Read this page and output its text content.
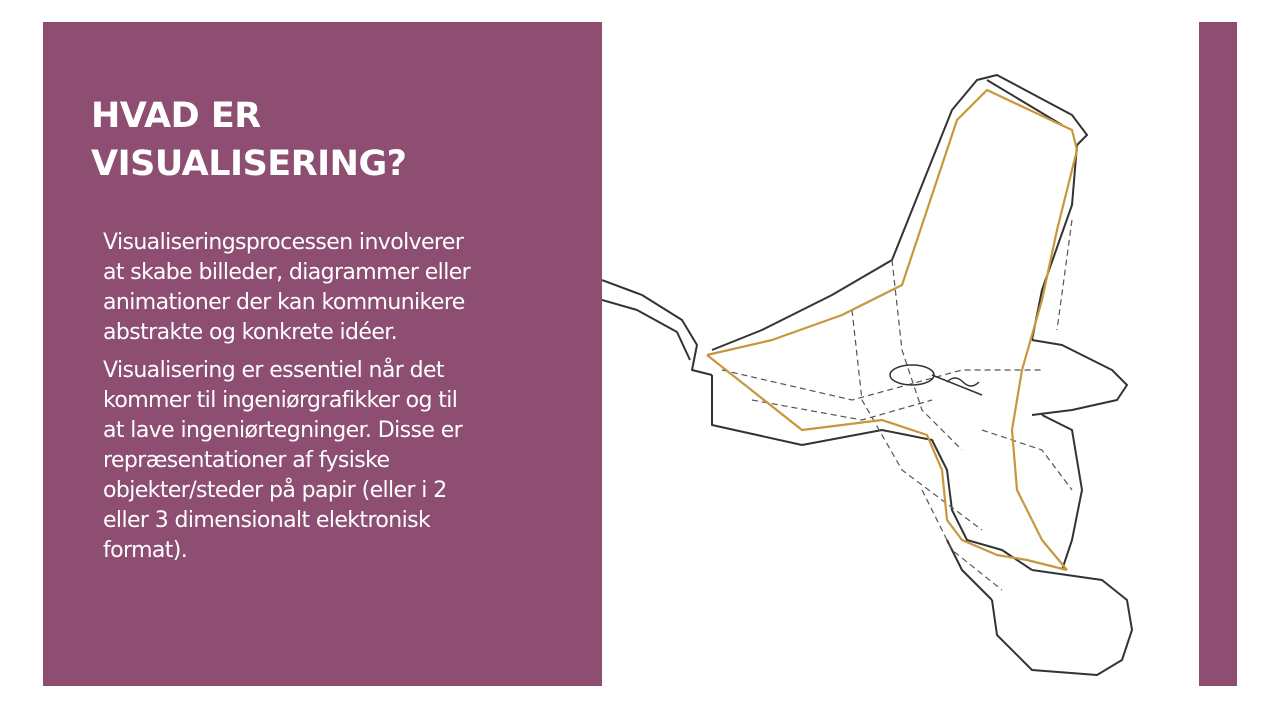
HVAD ER
VISUALISERING?

Visualiseringsprocessen involverer
at skabe billeder, diagrammer eller
animationer der kan kommunikere
abstrakte og konkrete idéer.

Visualisering er essentiel når det
kommer til ingeniørgrafikker og til
at lave ingeniørtegninger. Disse er
repræsentationer af fysiske
objekter/steder på papir (eller i 2
eller 3 dimensionalt elektronisk
format).
